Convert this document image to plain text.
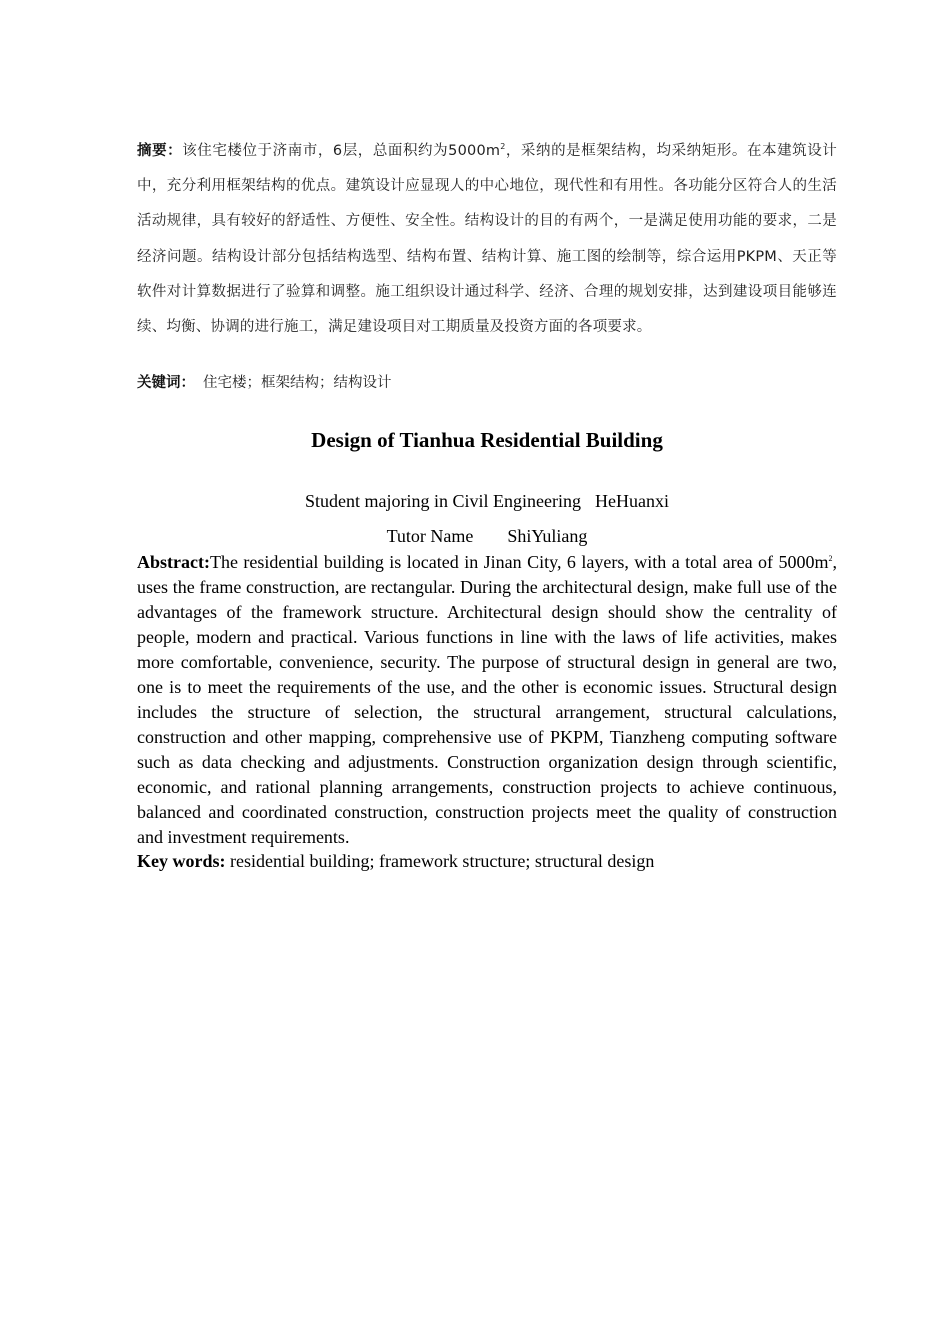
摘要：该住宅楼位于济南市，6层，总面积约为$5000m^2$，采纳的是框架结构，均采纳矩形。在本建筑设计中，充分利用框架结构的优点。建筑设计应显现人的中心地位，现代性和有用性。各功能分区符合人的生活活动规律，具有较好的舒适性、方便性、安全性。结构设计的目的有两个，一是满足使用功能的要求，二是经济问题。结构设计部分包括结构选型、结构布置、结构计算、施工图的绘制等，综合运用PKPM、天正等软件对计算数据进行了验算和调整。施工组织设计通过科学、经济、合理的规划安排，达到建设项目能够连续、均衡、协调的进行施工，满足建设项目对工期质量及投资方面的各项要求。

关键词： 住宅楼；框架结构；结构设计

Design of Tianhua Residential Building

Student majoring in Civil Engineering HeHuanxi

Tutor Name ShiYuliang

Abstract:The residential building is located in Jinan City, 6 layers, with a total area of $5000m^2$, uses the frame construction, are rectangular. During the architectural design, make full use of the advantages of the framework structure. Architectural design should show the centrality of people, modern and practical. Various functions in line with the laws of life activities, makes more comfortable, convenience, security. The purpose of structural design in general are two, one is to meet the requirements of the use, and the other is economic issues. Structural design includes the structure of selection, the structural arrangement, structural calculations, construction and other mapping, comprehensive use of PKPM, Tianzheng computing software such as data checking and adjustments. Construction organization design through scientific, economic, and rational planning arrangements, construction projects to achieve continuous, balanced and coordinated construction, construction projects meet the quality of construction and investment requirements.

Key words: residential building; framework structure; structural design
